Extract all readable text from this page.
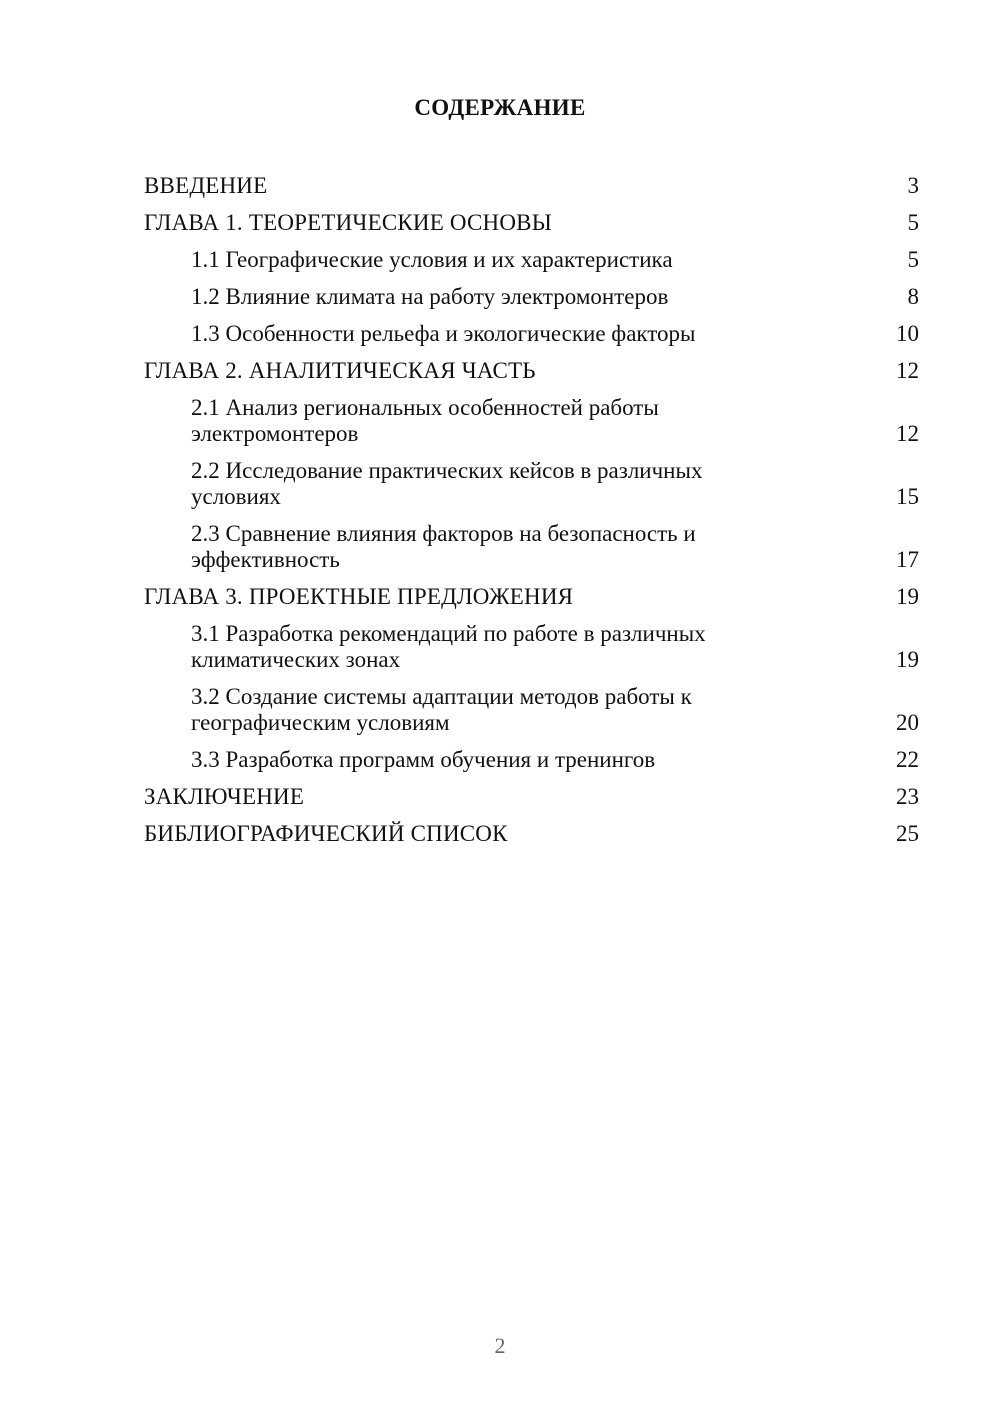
СОДЕРЖАНИЕ
ВВЕДЕНИЕ	3
ГЛАВА 1. ТЕОРЕТИЧЕСКИЕ ОСНОВЫ	5
1.1 Географические условия и их характеристика	5
1.2 Влияние климата на работу электромонтеров	8
1.3 Особенности рельефа и экологические факторы	10
ГЛАВА 2. АНАЛИТИЧЕСКАЯ ЧАСТЬ	12
2.1 Анализ региональных особенностей работы электромонтеров	12
2.2 Исследование практических кейсов в различных условиях	15
2.3 Сравнение влияния факторов на безопасность и эффективность	17
ГЛАВА 3. ПРОЕКТНЫЕ ПРЕДЛОЖЕНИЯ	19
3.1 Разработка рекомендаций по работе в различных климатических зонах	19
3.2 Создание системы адаптации методов работы к географическим условиям	20
3.3 Разработка программ обучения и тренингов	22
ЗАКЛЮЧЕНИЕ	23
БИБЛИОГРАФИЧЕСКИЙ СПИСОК	25
2
